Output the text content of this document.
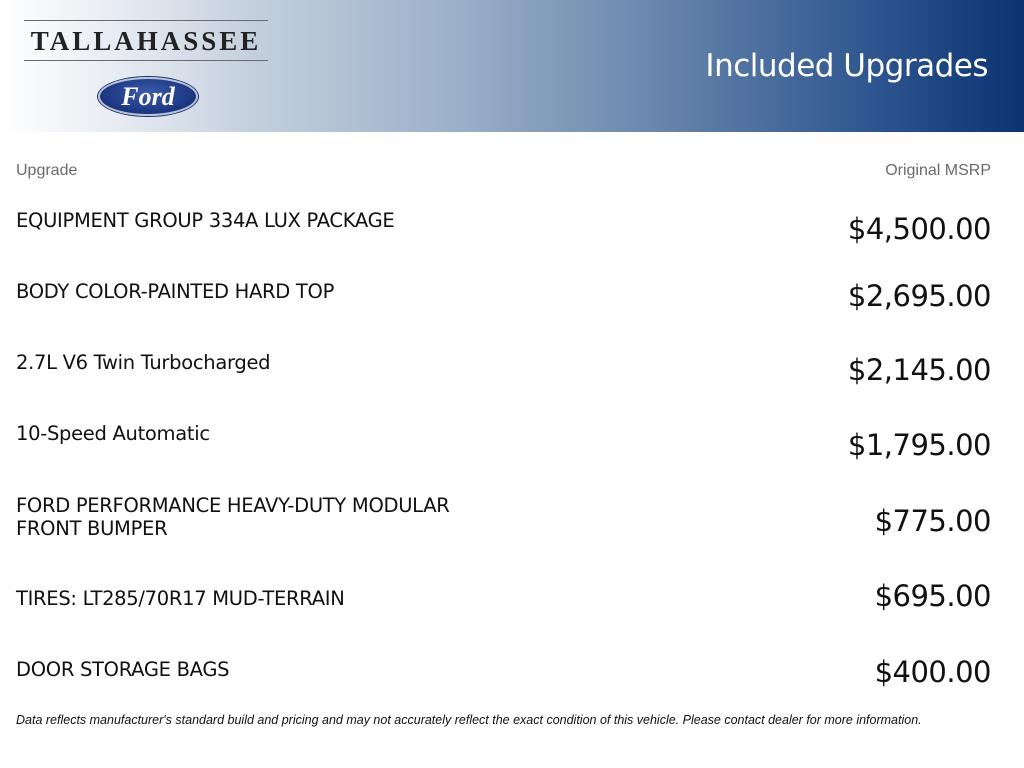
TALLAHASSEE
Ford
Included Upgrades
Upgrade	Original MSRP
EQUIPMENT GROUP 334A LUX PACKAGE	$4,500.00
BODY COLOR-PAINTED HARD TOP	$2,695.00
2.7L V6 Twin Turbocharged	$2,145.00
10-Speed Automatic	$1,795.00
FORD PERFORMANCE HEAVY-DUTY MODULAR FRONT BUMPER	$775.00
TIRES: LT285/70R17 MUD-TERRAIN	$695.00
DOOR STORAGE BAGS	$400.00
Data reflects manufacturer's standard build and pricing and may not accurately reflect the exact condition of this vehicle. Please contact dealer for more information.
